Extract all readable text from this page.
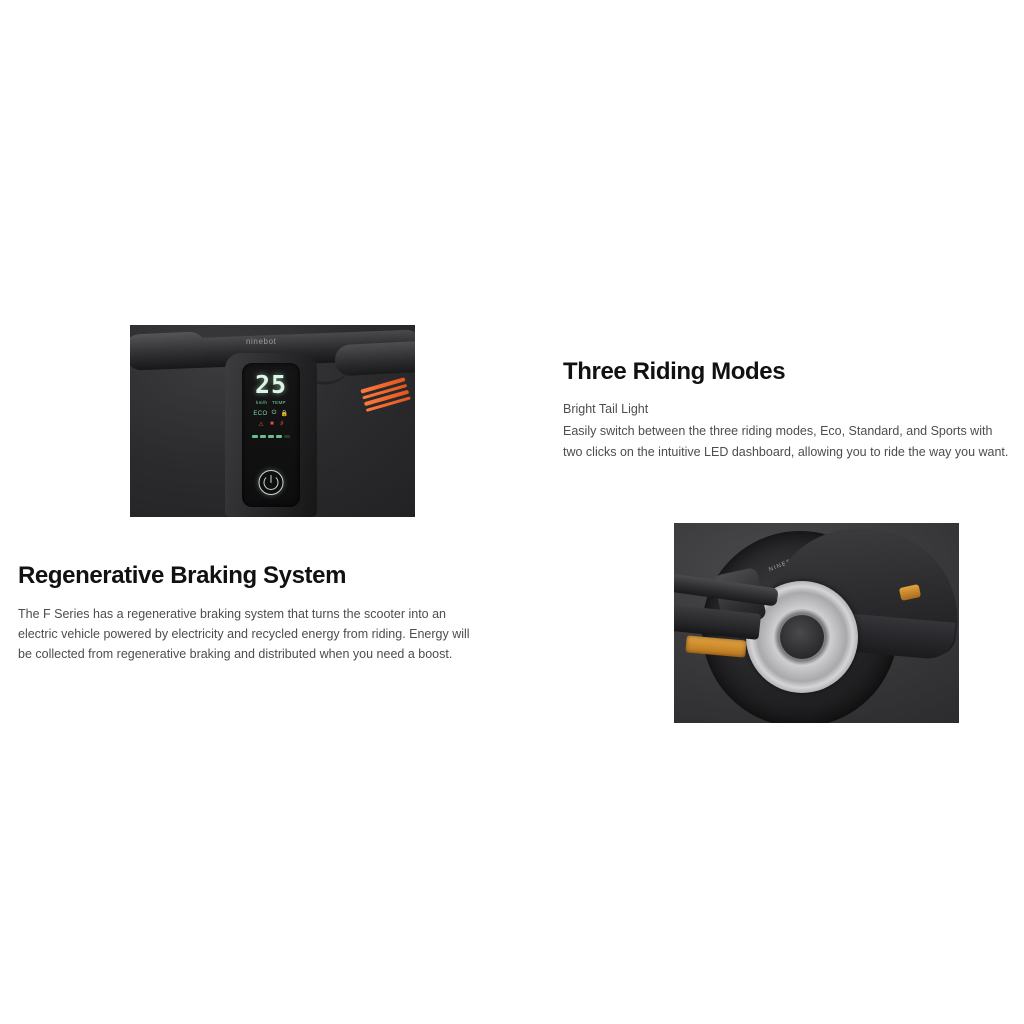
ninebot
25
km/h TEMP
ECO ⏻ 🔒
⚠ ■ ♯
Three Riding Modes

Bright Tail Light

Easily switch between the three riding modes, Eco, Standard, and Sports with two clicks on the intuitive LED dashboard, allowing you to ride the way you want.

Regenerative Braking System

The F Series has a regenerative braking system that turns the scooter into an electric vehicle powered by electricity and recycled energy from riding. Energy will be collected from regenerative braking and distributed when you need a boost.
